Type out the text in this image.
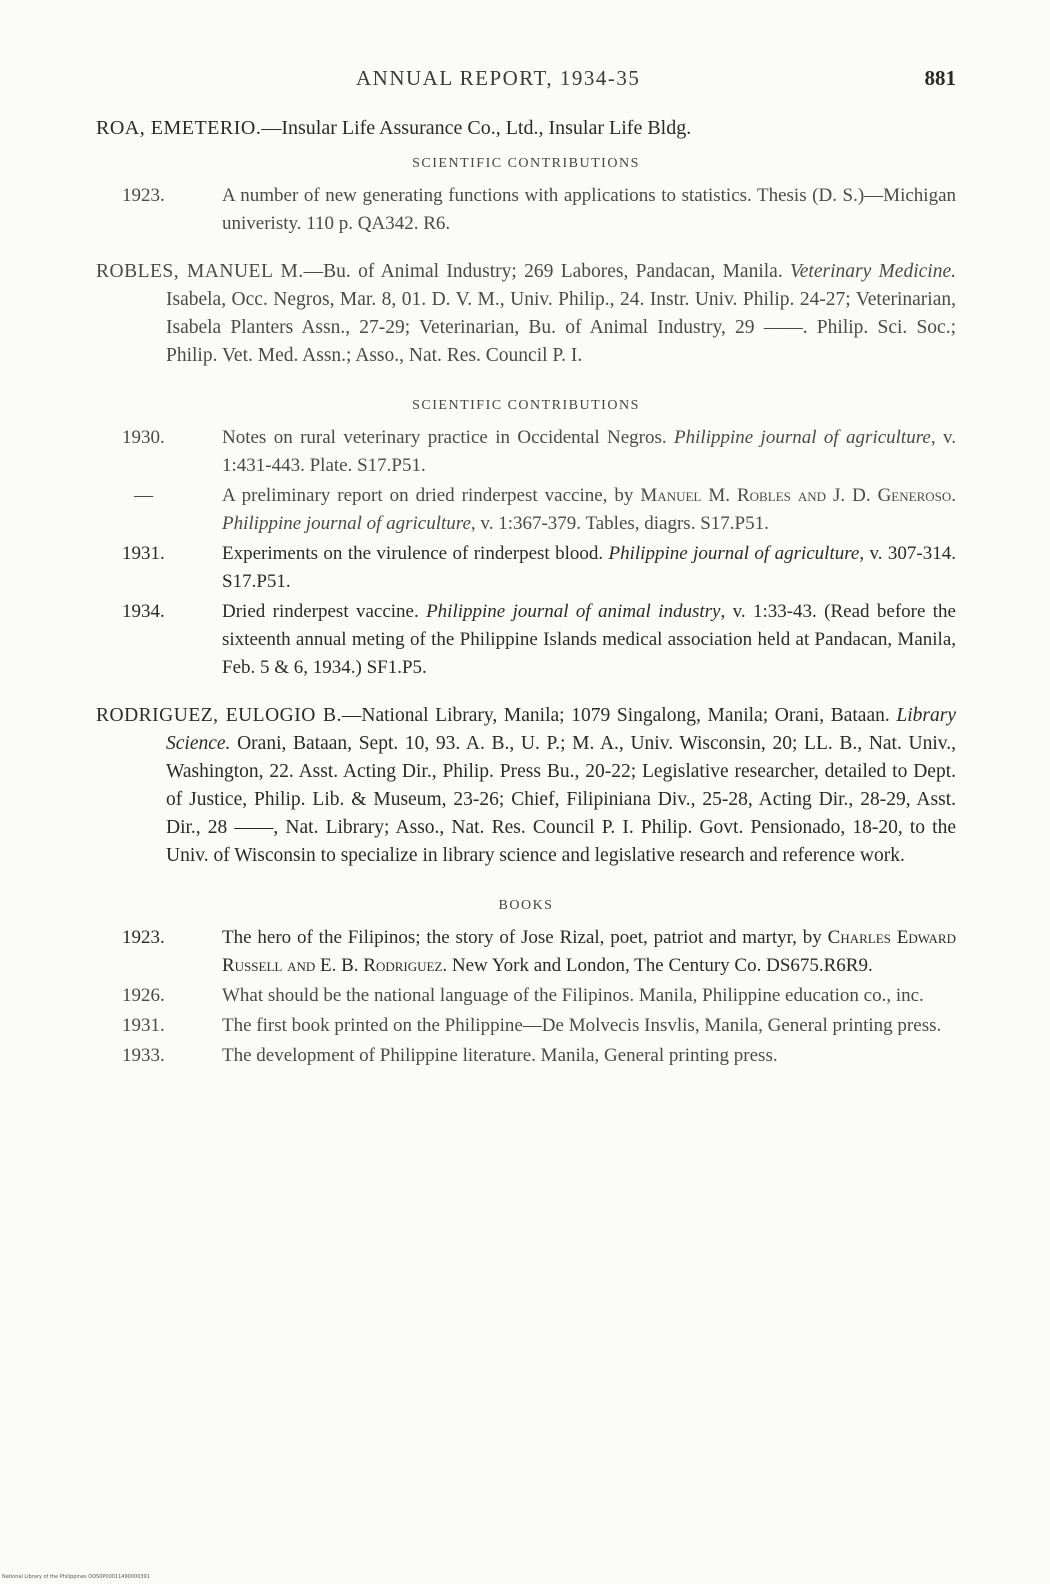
ANNUAL REPORT, 1934-35	881

ROA, EMETERIO.—Insular Life Assurance Co., Ltd., Insular Life Bldg.

SCIENTIFIC CONTRIBUTIONS

1923.	A number of new generating functions with applications to statistics. Thesis (D. S.)—Michigan univeristy. 110 p. QA342. R6.

ROBLES, MANUEL M.—Bu. of Animal Industry; 269 Labores, Pandacan, Manila. Veterinary Medicine. Isabela, Occ. Negros, Mar. 8, 01. D. V. M., Univ. Philip., 24. Instr. Univ. Philip. 24-27; Veterinarian, Isabela Planters Assn., 27-29; Veterinarian, Bu. of Animal Industry, 29 ——. Philip. Sci. Soc.; Philip. Vet. Med. Assn.; Asso., Nat. Res. Council P. I.

SCIENTIFIC CONTRIBUTIONS

1930.	Notes on rural veterinary practice in Occidental Negros. Philippine journal of agriculture, v. 1:431-443. Plate. S17.P51.

—	A preliminary report on dried rinderpest vaccine, by Manuel M. Robles and J. D. Generoso. Philippine journal of agriculture, v. 1:367-379. Tables, diagrs. S17.P51.

1931.	Experiments on the virulence of rinderpest blood. Philippine journal of agriculture, v. 307-314. S17.P51.

1934.	Dried rinderpest vaccine. Philippine journal of animal industry, v. 1:33-43. (Read before the sixteenth annual meting of the Philippine Islands medical association held at Pandacan, Manila, Feb. 5 & 6, 1934.) SF1.P5.

RODRIGUEZ, EULOGIO B.—National Library, Manila; 1079 Singalong, Manila; Orani, Bataan. Library Science. Orani, Bataan, Sept. 10, 93. A. B., U. P.; M. A., Univ. Wisconsin, 20; LL. B., Nat. Univ., Washington, 22. Asst. Acting Dir., Philip. Press Bu., 20-22; Legislative researcher, detailed to Dept. of Justice, Philip. Lib. & Museum, 23-26; Chief, Filipiniana Div., 25-28, Acting Dir., 28-29, Asst. Dir., 28 ——, Nat. Library; Asso., Nat. Res. Council P. I. Philip. Govt. Pensionado, 18-20, to the Univ. of Wisconsin to specialize in library science and legislative research and reference work.

BOOKS

1923.	The hero of the Filipinos; the story of Jose Rizal, poet, patriot and martyr, by Charles Edward Russell and E. B. Rodriguez. New York and London, The Century Co. DS675.R6R9.

1926.	What should be the national language of the Filipinos. Manila, Philippine education co., inc.

1931.	The first book printed on the Philippine—De Molvecis Insvlis, Manila, General printing press.

1933.	The development of Philippine literature. Manila, General printing press.

National Library of the Philippines DOS0P00011490000391
